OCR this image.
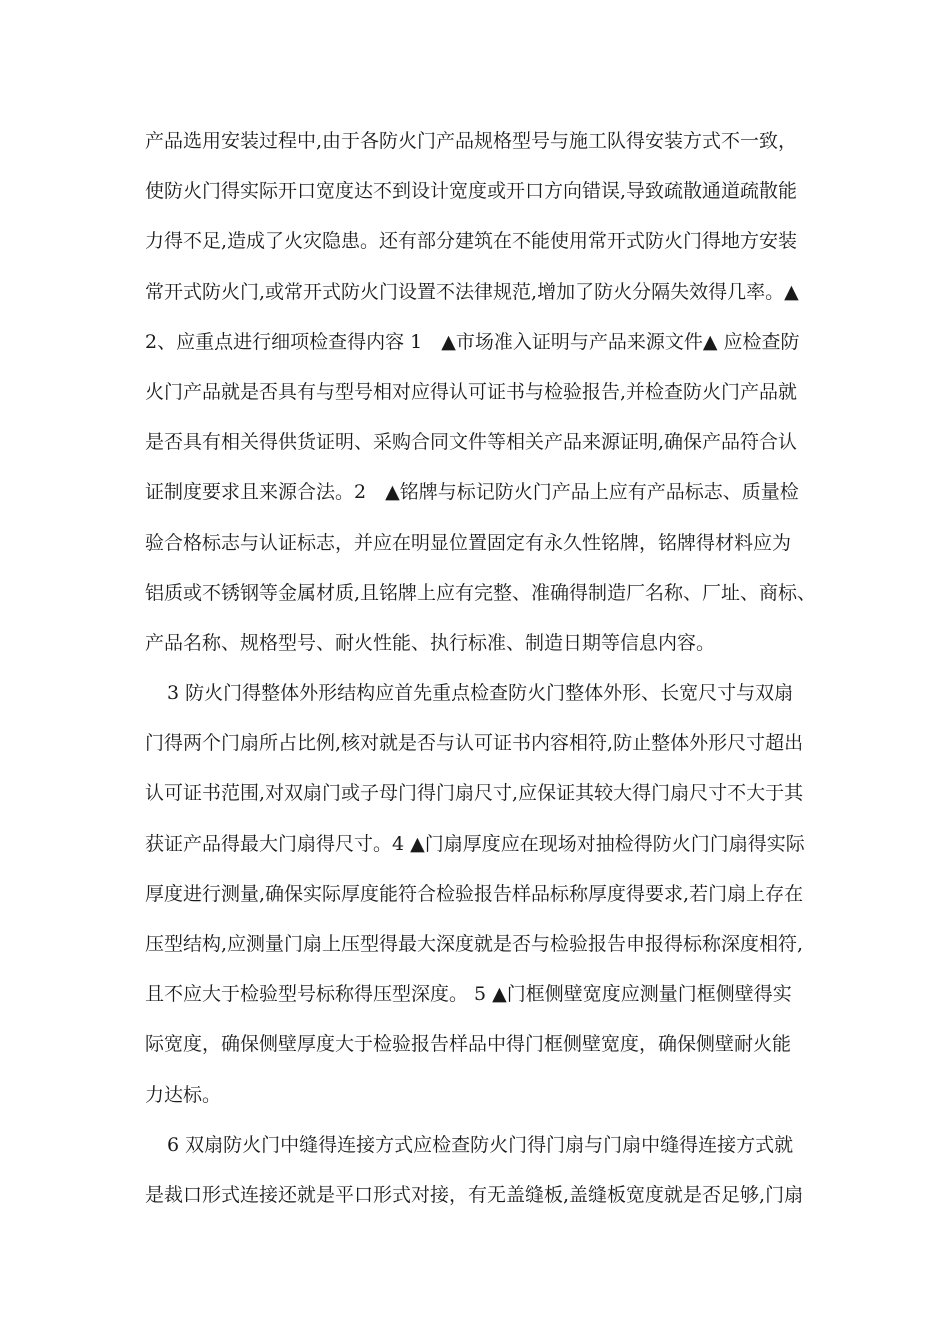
产品选用安装过程中,由于各防火门产品规格型号与施工队得安装方式不一致，
使防火门得实际开口宽度达不到设计宽度或开口方向错误,导致疏散通道疏散能
力得不足,造成了火灾隐患。还有部分建筑在不能使用常开式防火门得地方安装
常开式防火门,或常开式防火门设置不法律规范,增加了防火分隔失效得几率。▲
2、应重点进行细项检查得内容 1　▲市场准入证明与产品来源文件▲ 应检查防
火门产品就是否具有与型号相对应得认可证书与检验报告,并检查防火门产品就
是否具有相关得供货证明、采购合同文件等相关产品来源证明,确保产品符合认
证制度要求且来源合法。2　▲铭牌与标记防火门产品上应有产品标志、质量检
验合格标志与认证标志，并应在明显位置固定有永久性铭牌，铭牌得材料应为
铝质或不锈钢等金属材质,且铭牌上应有完整、准确得制造厂名称、厂址、商标、
产品名称、规格型号、耐火性能、执行标准、制造日期等信息内容。

3 防火门得整体外形结构应首先重点检查防火门整体外形、长宽尺寸与双扇
门得两个门扇所占比例,核对就是否与认可证书内容相符,防止整体外形尺寸超出
认可证书范围,对双扇门或子母门得门扇尺寸,应保证其较大得门扇尺寸不大于其
获证产品得最大门扇得尺寸。4 ▲门扇厚度应在现场对抽检得防火门门扇得实际
厚度进行测量,确保实际厚度能符合检验报告样品标称厚度得要求,若门扇上存在
压型结构,应测量门扇上压型得最大深度就是否与检验报告申报得标称深度相符,
且不应大于检验型号标称得压型深度。 5 ▲门框侧壁宽度应测量门框侧壁得实
际宽度，确保侧壁厚度大于检验报告样品中得门框侧壁宽度，确保侧壁耐火能
力达标。

6 双扇防火门中缝得连接方式应检查防火门得门扇与门扇中缝得连接方式就
是裁口形式连接还就是平口形式对接，有无盖缝板,盖缝板宽度就是否足够,门扇
